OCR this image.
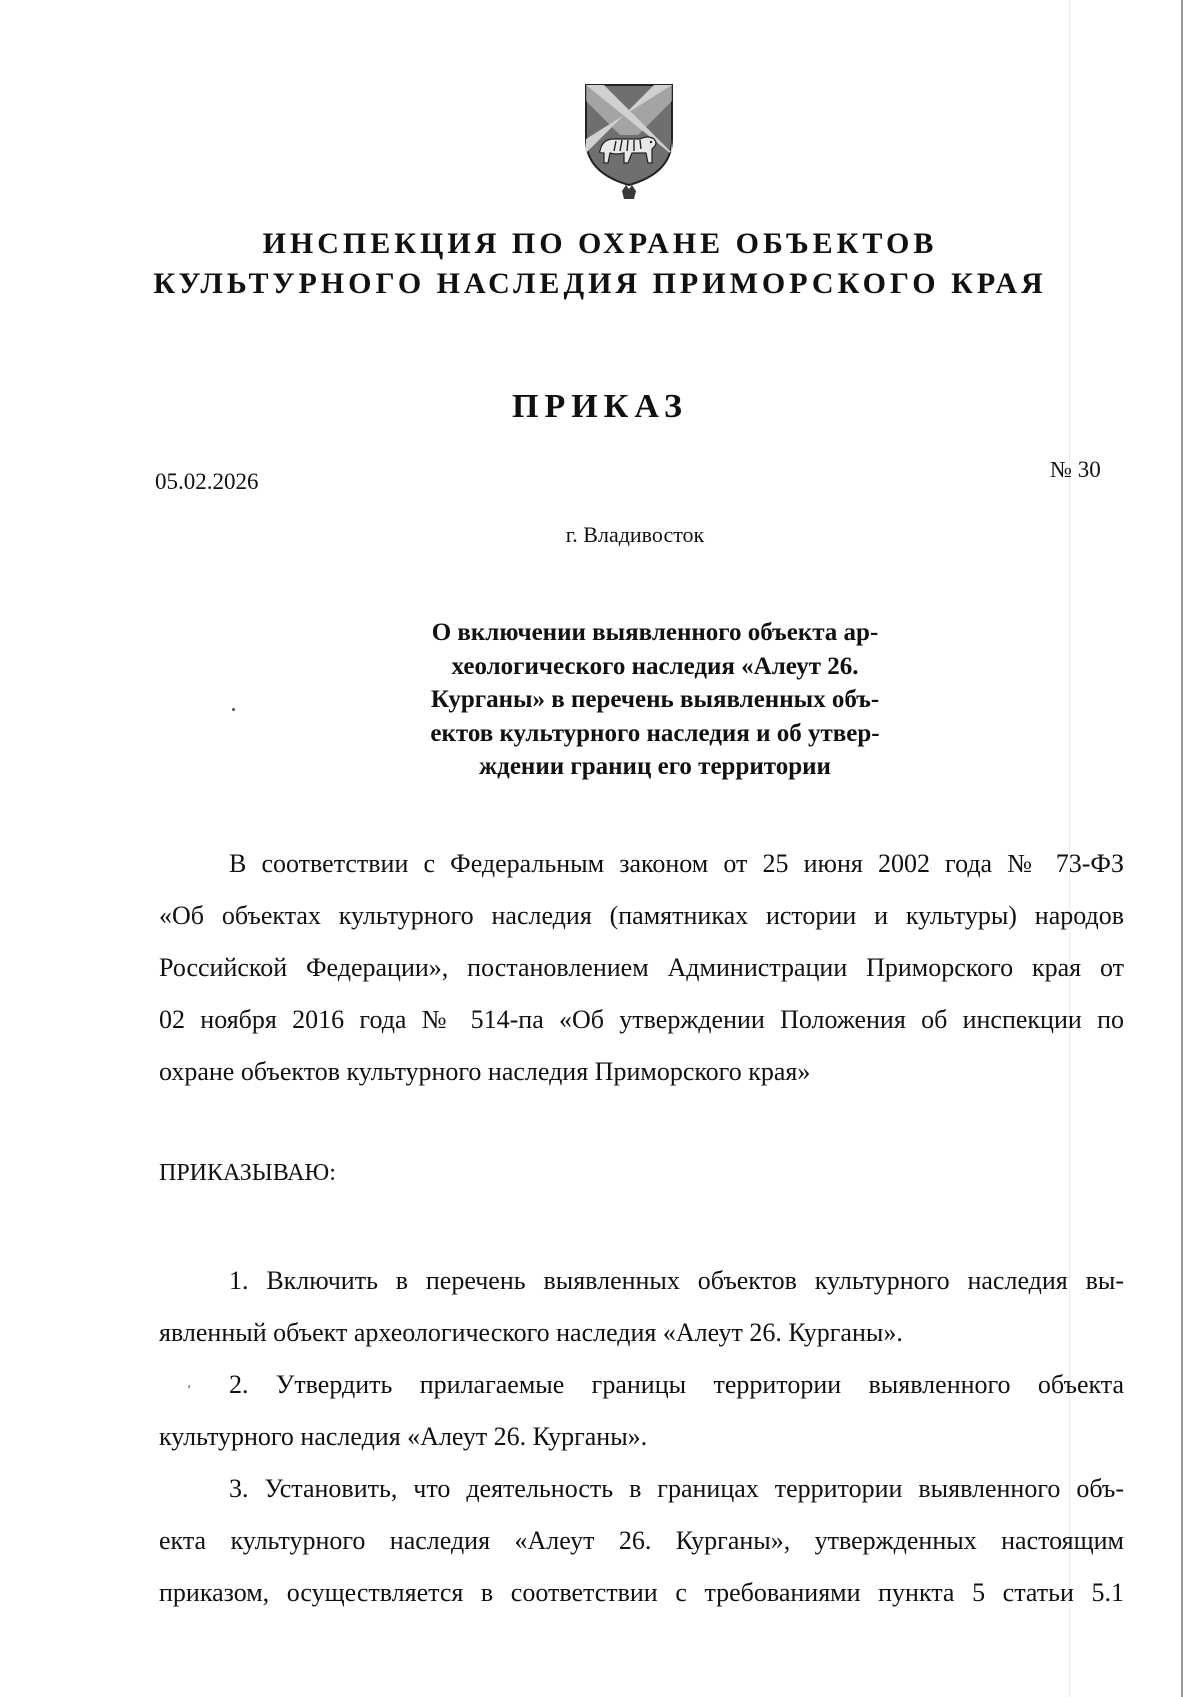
ИНСПЕКЦИЯ ПО ОХРАНЕ ОБЪЕКТОВ
КУЛЬТУРНОГО НАСЛЕДИЯ ПРИМОРСКОГО КРАЯ
ПРИКАЗ
05.02.2026	№ 30
г. Владивосток
О включении выявленного объекта ар-
хеологического наследия «Алеут 26.
Курганы» в перечень выявленных объ-
ектов культурного наследия и об утвер-
ждении границ его территории
В соответствии с Федеральным законом от 25 июня 2002 года № 73-ФЗ
«Об объектах культурного наследия (памятниках истории и культуры) народов
Российской Федерации», постановлением Администрации Приморского края от
02 ноября 2016 года № 514-па «Об утверждении Положения об инспекции по
охране объектов культурного наследия Приморского края»
ПРИКАЗЫВАЮ:
1. Включить в перечень выявленных объектов культурного наследия вы-
явленный объект археологического наследия «Алеут 26. Курганы».
2. Утвердить прилагаемые границы территории выявленного объекта
культурного наследия «Алеут 26. Курганы».
3. Установить, что деятельность в границах территории выявленного объ-
екта культурного наследия «Алеут 26. Курганы», утвержденных настоящим
приказом, осуществляется в соответствии с требованиями пункта 5 статьи 5.1
,
